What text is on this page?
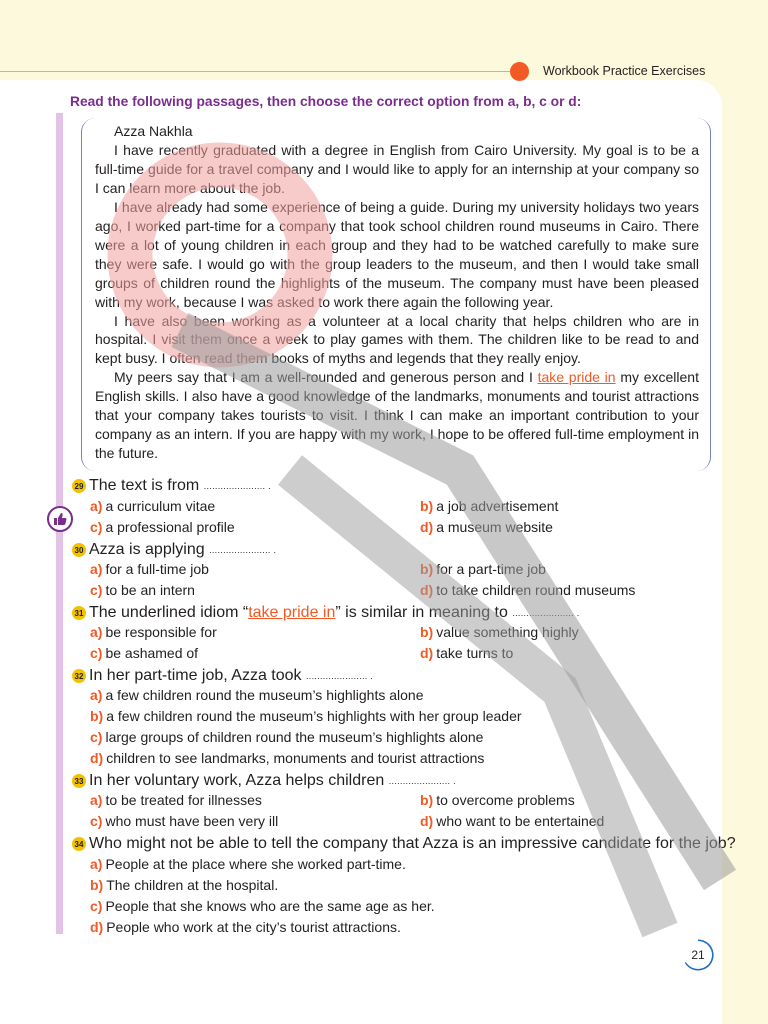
Workbook Practice Exercises
Read the following passages, then choose the correct option from a, b, c or d:
Azza Nakhla

I have recently graduated with a degree in English from Cairo University. My goal is to be a full-time guide for a travel company and I would like to apply for an internship at your company so I can learn more about the job.

I have already had some experience of being a guide. During my university holidays two years ago, I worked part-time for a company that took school children round museums in Cairo. There were a lot of young children in each group and they had to be watched carefully to make sure they were safe. I would go with the group leaders to the museum, and then I would take small groups of children round the highlights of the museum. The company must have been pleased with my work, because I was asked to work there again the following year.

I have also been working as a volunteer at a local charity that helps children who are in hospital. I visit them once a week to play games with them. The children like to be read to and kept busy. I often read them books of myths and legends that they really enjoy.

My peers say that I am a well-rounded and generous person and I take pride in my excellent English skills. I also have a good knowledge of the landmarks, monuments and tourist attractions that your company takes tourists to visit. I think I can make an important contribution to your company as an intern. If you are happy with my work, I hope to be offered full-time employment in the future.

29 The text is from
...................... .
a) a curriculum vitae	b) a job advertisement
c) a professional profile	d) a museum website
30 Azza is applying
...................... .
a) for a full-time job	b) for a part-time job
c) to be an intern	d) to take children round museums
31 The underlined idiom “ take pride in ” is similar in meaning to
...................... .
a) be responsible for	b) value something highly
c) be ashamed of	d) take turns to
32 In her part-time job, Azza took
...................... .
a) a few children round the museum’s highlights alone
b) a few children round the museum’s highlights with her group leader
c) large groups of children round the museum’s highlights alone
d) children to see landmarks, monuments and tourist attractions
33 In her voluntary work, Azza helps children
...................... .
a) to be treated for illnesses	b) to overcome problems
c) who must have been very ill	d) who want to be entertained
34 Who might not be able to tell the company that Azza is an impressive candidate for the job?
a) People at the place where she worked part-time.
b) The children at the hospital.
c) People that she knows who are the same age as her.
d) People who work at the city’s tourist attractions.
21
